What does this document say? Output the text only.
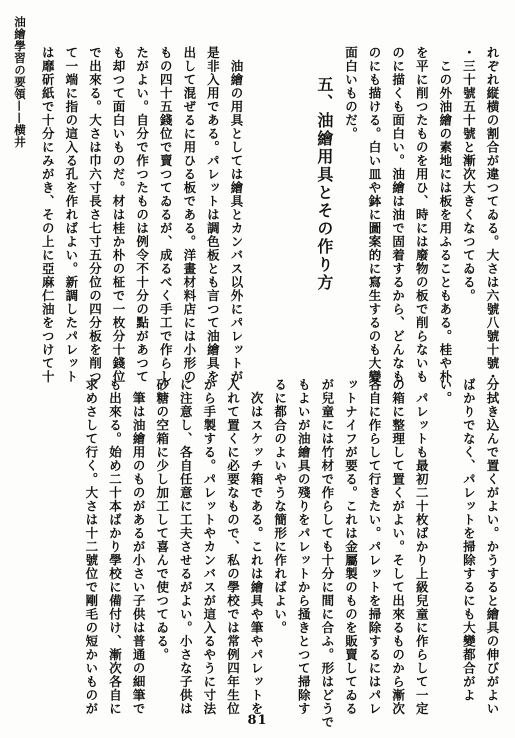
油繪學習の要領——横井	れぞれ縦横の割合が違つてゐる。大さは六號八號十號・
・三十號五十號と漸次大きくなつてゐる。
　この外油繪の素地には板を用ふることもある。桂や朴
を平に削つたものを用ひ、時には廢物の板で削らないも
のに描くも面白い。油繪は油で固着するから、どんなも
のにも描ける。白い皿や鉢に圖案的に寫生するのも大變
面白いものだ。
五、油繪用具とその作り方
　油繪の用具としては繪具とカンバス以外にパレットが
是非入用である。パレットは調色板とも言つて油繪具を
出して混ぜるに用ひる板である。洋畫材料店には小形の
もの四十五錢位で賣つてゐるが、成るべく手工で作らし
たがよい。自分で作つたものは例令不十分の點があつて
も却つて面白いものだ。材は桂か朴の柾で一枚分十錢位
で出來る。大さは巾六寸長さ七寸五分位の四分板を削つ
て一端に指の這入る孔を作ればよい。新調したパレット
は靡斫紙で十分にみがき、その上に亞麻仁油をつけて十
分拭き込んで置くがよい。かうすると繪具の伸びがよい
ばかりでなく、パレットを掃除するにも大變都合がよ
い。
　パレットも最初二十枚ばかり上級兒童に作らして一定
の箱に整理して置くがよい。そして出來るものから漸次
各自に作らして行きたい。パレットを掃除するにはパレ
ットナイフが要る。これは金屬製のものを販賣してゐる
が兒童には竹材で作らしても十分に間に合ふ。形はどうで
もよいが油繪具の殘りをパレットから掻きとつて掃除す
るに都合のよいやうな簡形に作ればよい。
　次はスケッチ箱である。これは繪具や筆やパレットを
入れて置くに必要なもので、私の學校では常例四年生位
から手製する。パレットやカンバスが這入るやうに寸法
に注意し、各自任意に工夫させるがよい。小さな子供は
砂糖の空箱に少し加工して喜んで使つてゐる。
　筆は油繪用のものがあるが小さい子供は普通の細筆で
も出來る。始め二十本ばかり學校に備付け、漸次各自に
求めさして行く。大さは十二號位で剛毛の短かいものが
81
